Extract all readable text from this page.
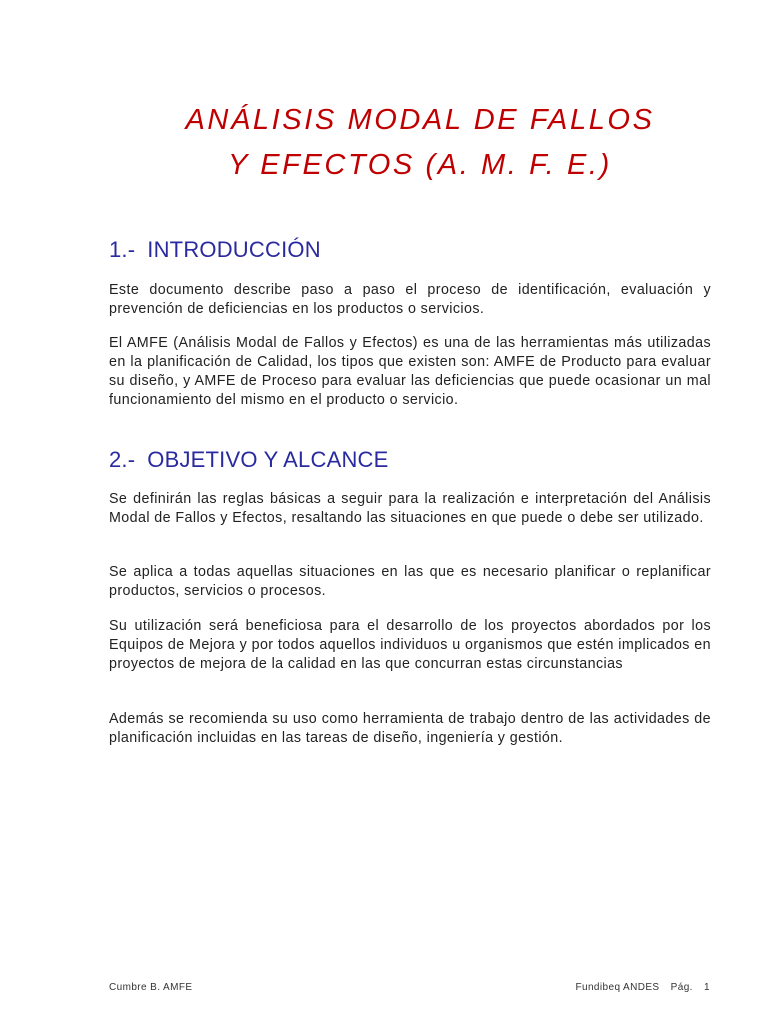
ANÁLISIS MODAL DE FALLOS
Y EFECTOS (A. M. F. E.)
1.- INTRODUCCIÓN

Este documento describe paso a paso el proceso de identificación, evaluación y prevención de deficiencias en los productos o servicios.

El AMFE (Análisis Modal de Fallos y Efectos) es una de las herramientas más utilizadas en la planificación de Calidad, los tipos que existen son: AMFE de Producto para evaluar su diseño, y AMFE de Proceso para evaluar las deficiencias que puede ocasionar un mal funcionamiento del mismo en el producto o servicio.

2.- OBJETIVO Y ALCANCE

Se definirán las reglas básicas a seguir para la realización e interpretación del Análisis Modal de Fallos y Efectos, resaltando las situaciones en que puede o debe ser utilizado.

Se aplica a todas aquellas situaciones en las que es necesario planificar o replanificar productos, servicios o procesos.

Su utilización será beneficiosa para el desarrollo de los proyectos abordados por los Equipos de Mejora y por todos aquellos individuos u organismos que estén implicados en proyectos de mejora de la calidad en las que concurran estas circunstancias

Además se recomienda su uso como herramienta de trabajo dentro de las actividades de planificación incluidas en las tareas de diseño, ingeniería y gestión.

Cumbre B. AMFE	Fundibeq ANDES Pág. 1
